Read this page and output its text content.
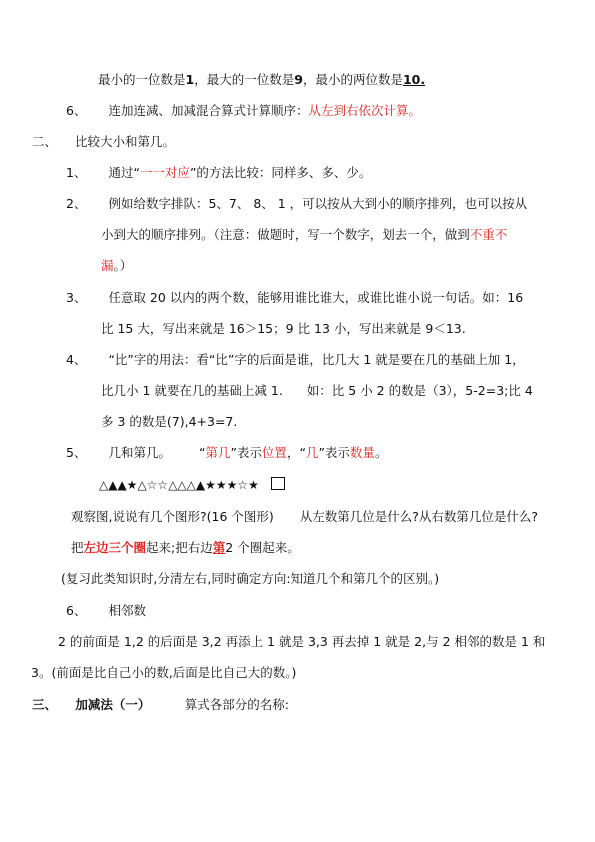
最小的一位数是1，最大的一位数是9，最小的两位数是10.
6、 连加连减、加减混合算式计算顺序：从左到右依次计算。
二、 比较大小和第几。
1、 通过“一一对应”的方法比较：同样多、多、少。
2、 例如给数字排队：5、7、 8、 1 ，可以按从大到小的顺序排列，也可以按从
小到大的顺序排列。（注意：做题时，写一个数字，划去一个，做到不重不
漏。）
3、 任意取 20 以内的两个数，能够用谁比谁大，或谁比谁小说一句话。如：16
比 15 大，写出来就是 16＞15；9 比 13 小，写出来就是 9＜13.
4、 “比”字的用法：看“比”字的后面是谁，比几大 1 就是要在几的基础上加 1，
比几小 1 就要在几的基础上减 1. 如：比 5 小 2 的数是（3），5-2=3;比 4
多 3 的数是(7),4+3=7.
5、 几和第几。 “第几”表示位置，“几”表示数量。
△▲▲★△☆☆△△△▲★★★☆★
观察图,说说有几个图形?(16 个图形) 从左数第几位是什么?从右数第几位是什么?
把左边三个圈起来;把右边第2 个圈起来。
(复习此类知识时,分清左右,同时确定方向:知道几个和第几个的区别。)
6、 相邻数
2 的前面是 1,2 的后面是 3,2 再添上 1 就是 3,3 再去掉 1 就是 2,与 2 相邻的数是 1 和
3。(前面是比自己小的数,后面是比自己大的数。)
三、 加减法（一）	算式各部分的名称:
